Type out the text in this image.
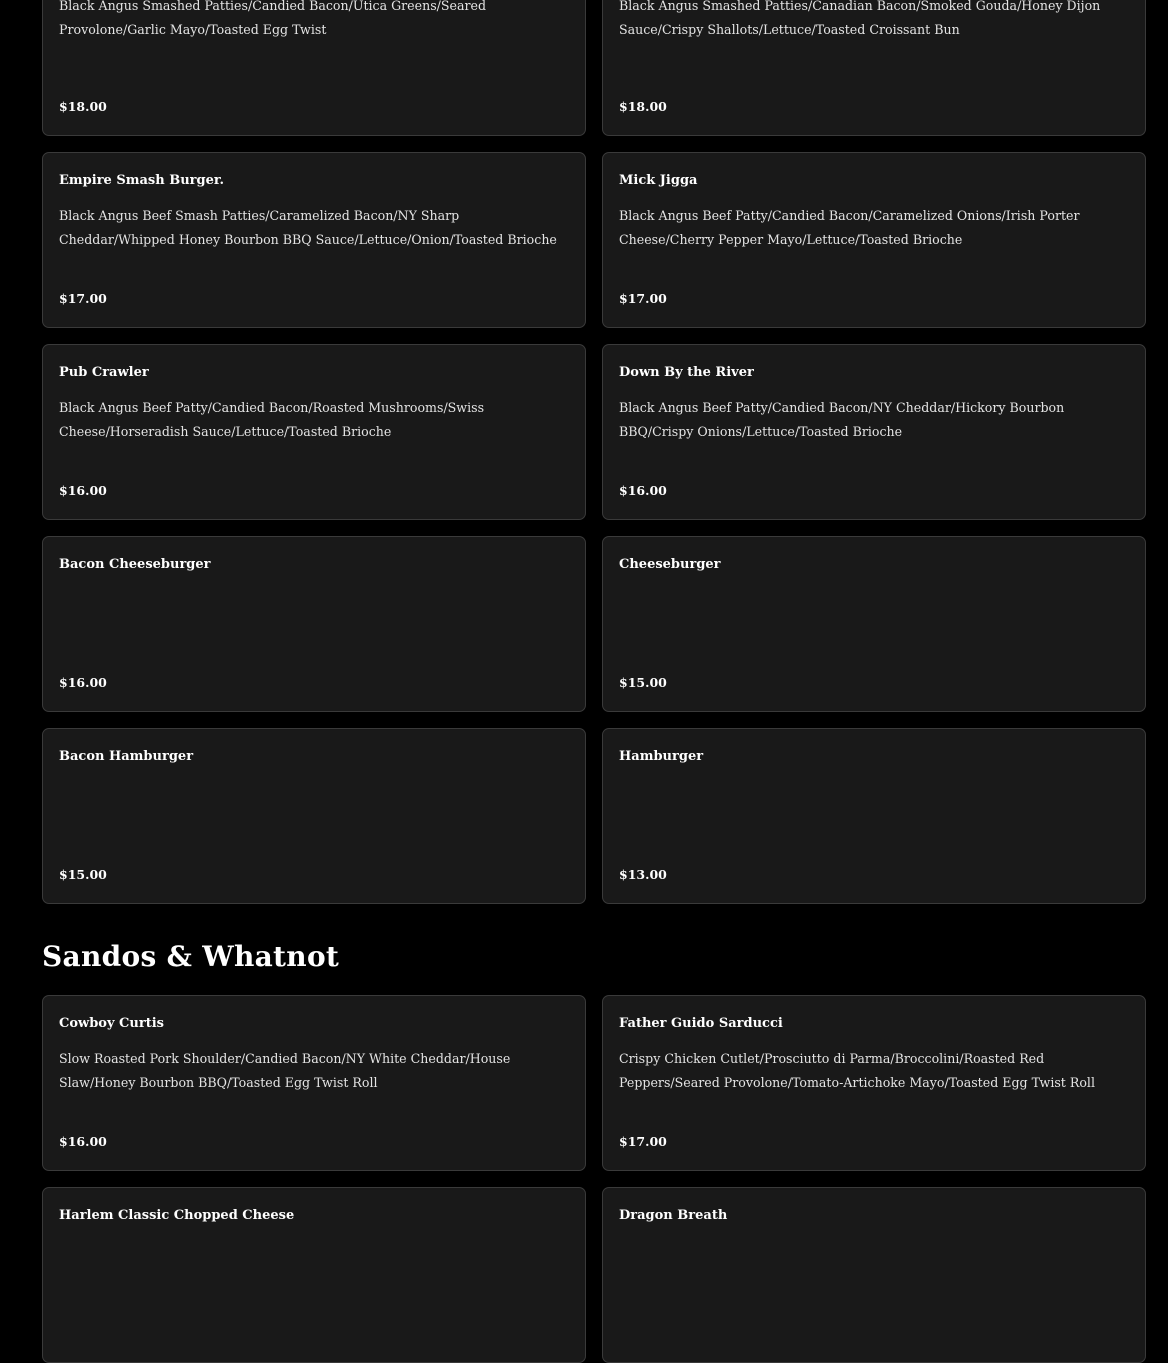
Black Angus Smashed Patties/Candied Bacon/Utica Greens/Seared Provolone/Garlic Mayo/Toasted Egg Twist
$18.00
Black Angus Smashed Patties/Canadian Bacon/Smoked Gouda/Honey Dijon Sauce/Crispy Shallots/Lettuce/Toasted Croissant Bun
$18.00
Empire Smash Burger.
Black Angus Beef Smash Patties/Caramelized Bacon/NY Sharp Cheddar/Whipped Honey Bourbon BBQ Sauce/Lettuce/Onion/Toasted Brioche
$17.00
Mick Jigga
Black Angus Beef Patty/Candied Bacon/Caramelized Onions/Irish Porter Cheese/Cherry Pepper Mayo/Lettuce/Toasted Brioche
$17.00
Pub Crawler
Black Angus Beef Patty/Candied Bacon/Roasted Mushrooms/Swiss Cheese/Horseradish Sauce/Lettuce/Toasted Brioche
$16.00
Down By the River
Black Angus Beef Patty/Candied Bacon/NY Cheddar/Hickory Bourbon BBQ/Crispy Onions/Lettuce/Toasted Brioche
$16.00
Bacon Cheeseburger
$16.00
Cheeseburger
$15.00
Bacon Hamburger
$15.00
Hamburger
$13.00
Sandos & Whatnot
Cowboy Curtis
Slow Roasted Pork Shoulder/Candied Bacon/NY White Cheddar/House Slaw/Honey Bourbon BBQ/Toasted Egg Twist Roll
$16.00
Father Guido Sarducci
Crispy Chicken Cutlet/Prosciutto di Parma/Broccolini/Roasted Red Peppers/Seared Provolone/Tomato-Artichoke Mayo/Toasted Egg Twist Roll
$17.00
Harlem Classic Chopped Cheese	Dragon Breath
